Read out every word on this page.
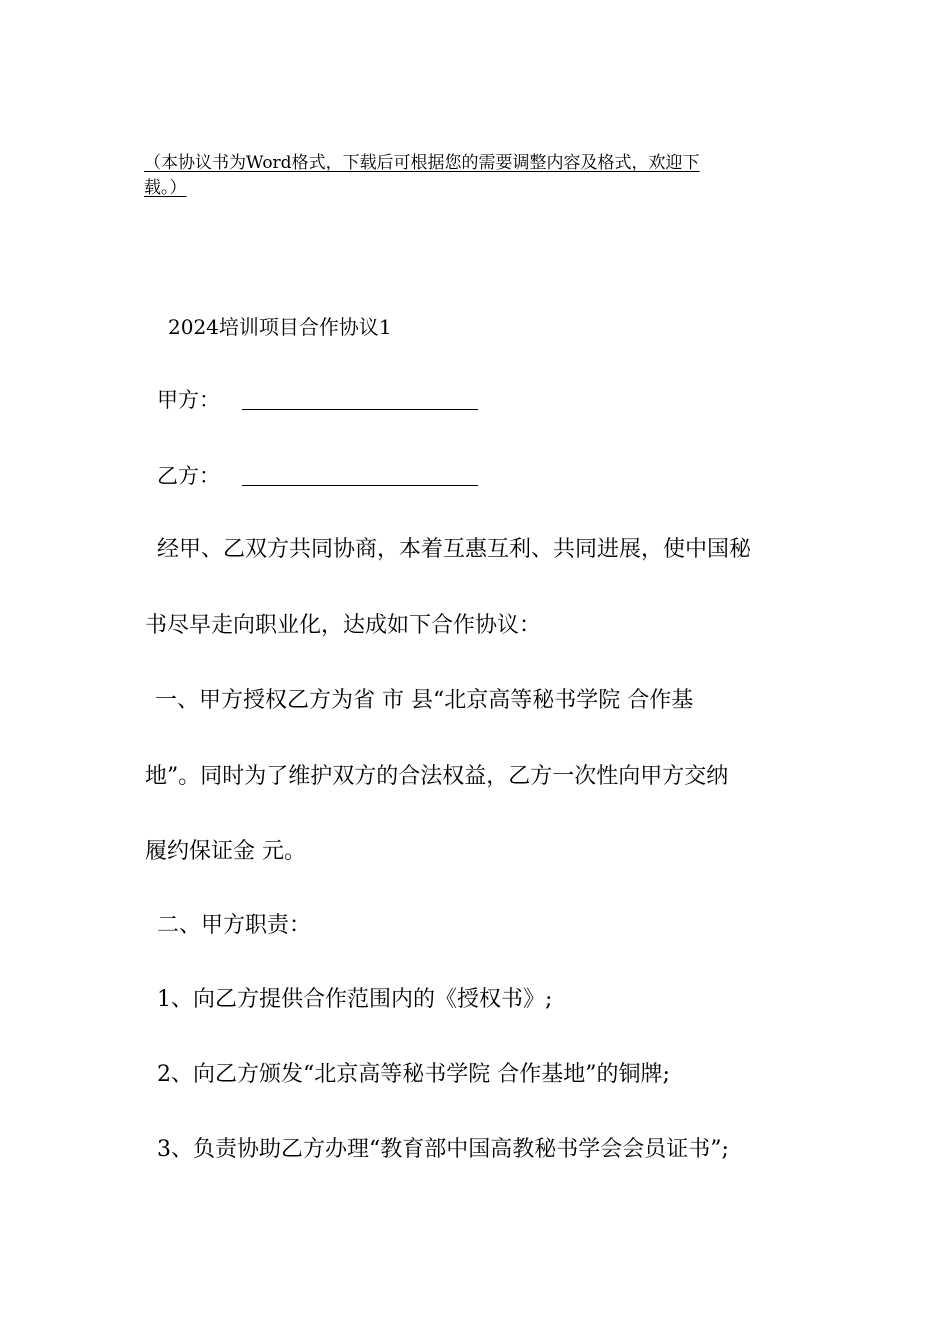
（本协议书为Word格式，下载后可根据您的需要调整内容及格式，欢迎下
载。）
2024培训项目合作协议1
甲方：
乙方：
经甲、乙双方共同协商，本着互惠互利、共同进展，使中国秘
书尽早走向职业化，达成如下合作协议：
一、甲方授权乙方为省 市 县“北京高等秘书学院 合作基
地”。同时为了维护双方的合法权益，乙方一次性向甲方交纳
履约保证金 元。
二、甲方职责：
1、向乙方提供合作范围内的《授权书》;
2、向乙方颁发“北京高等秘书学院 合作基地”的铜牌;
3、负责协助乙方办理“教育部中国高教秘书学会会员证书”;
